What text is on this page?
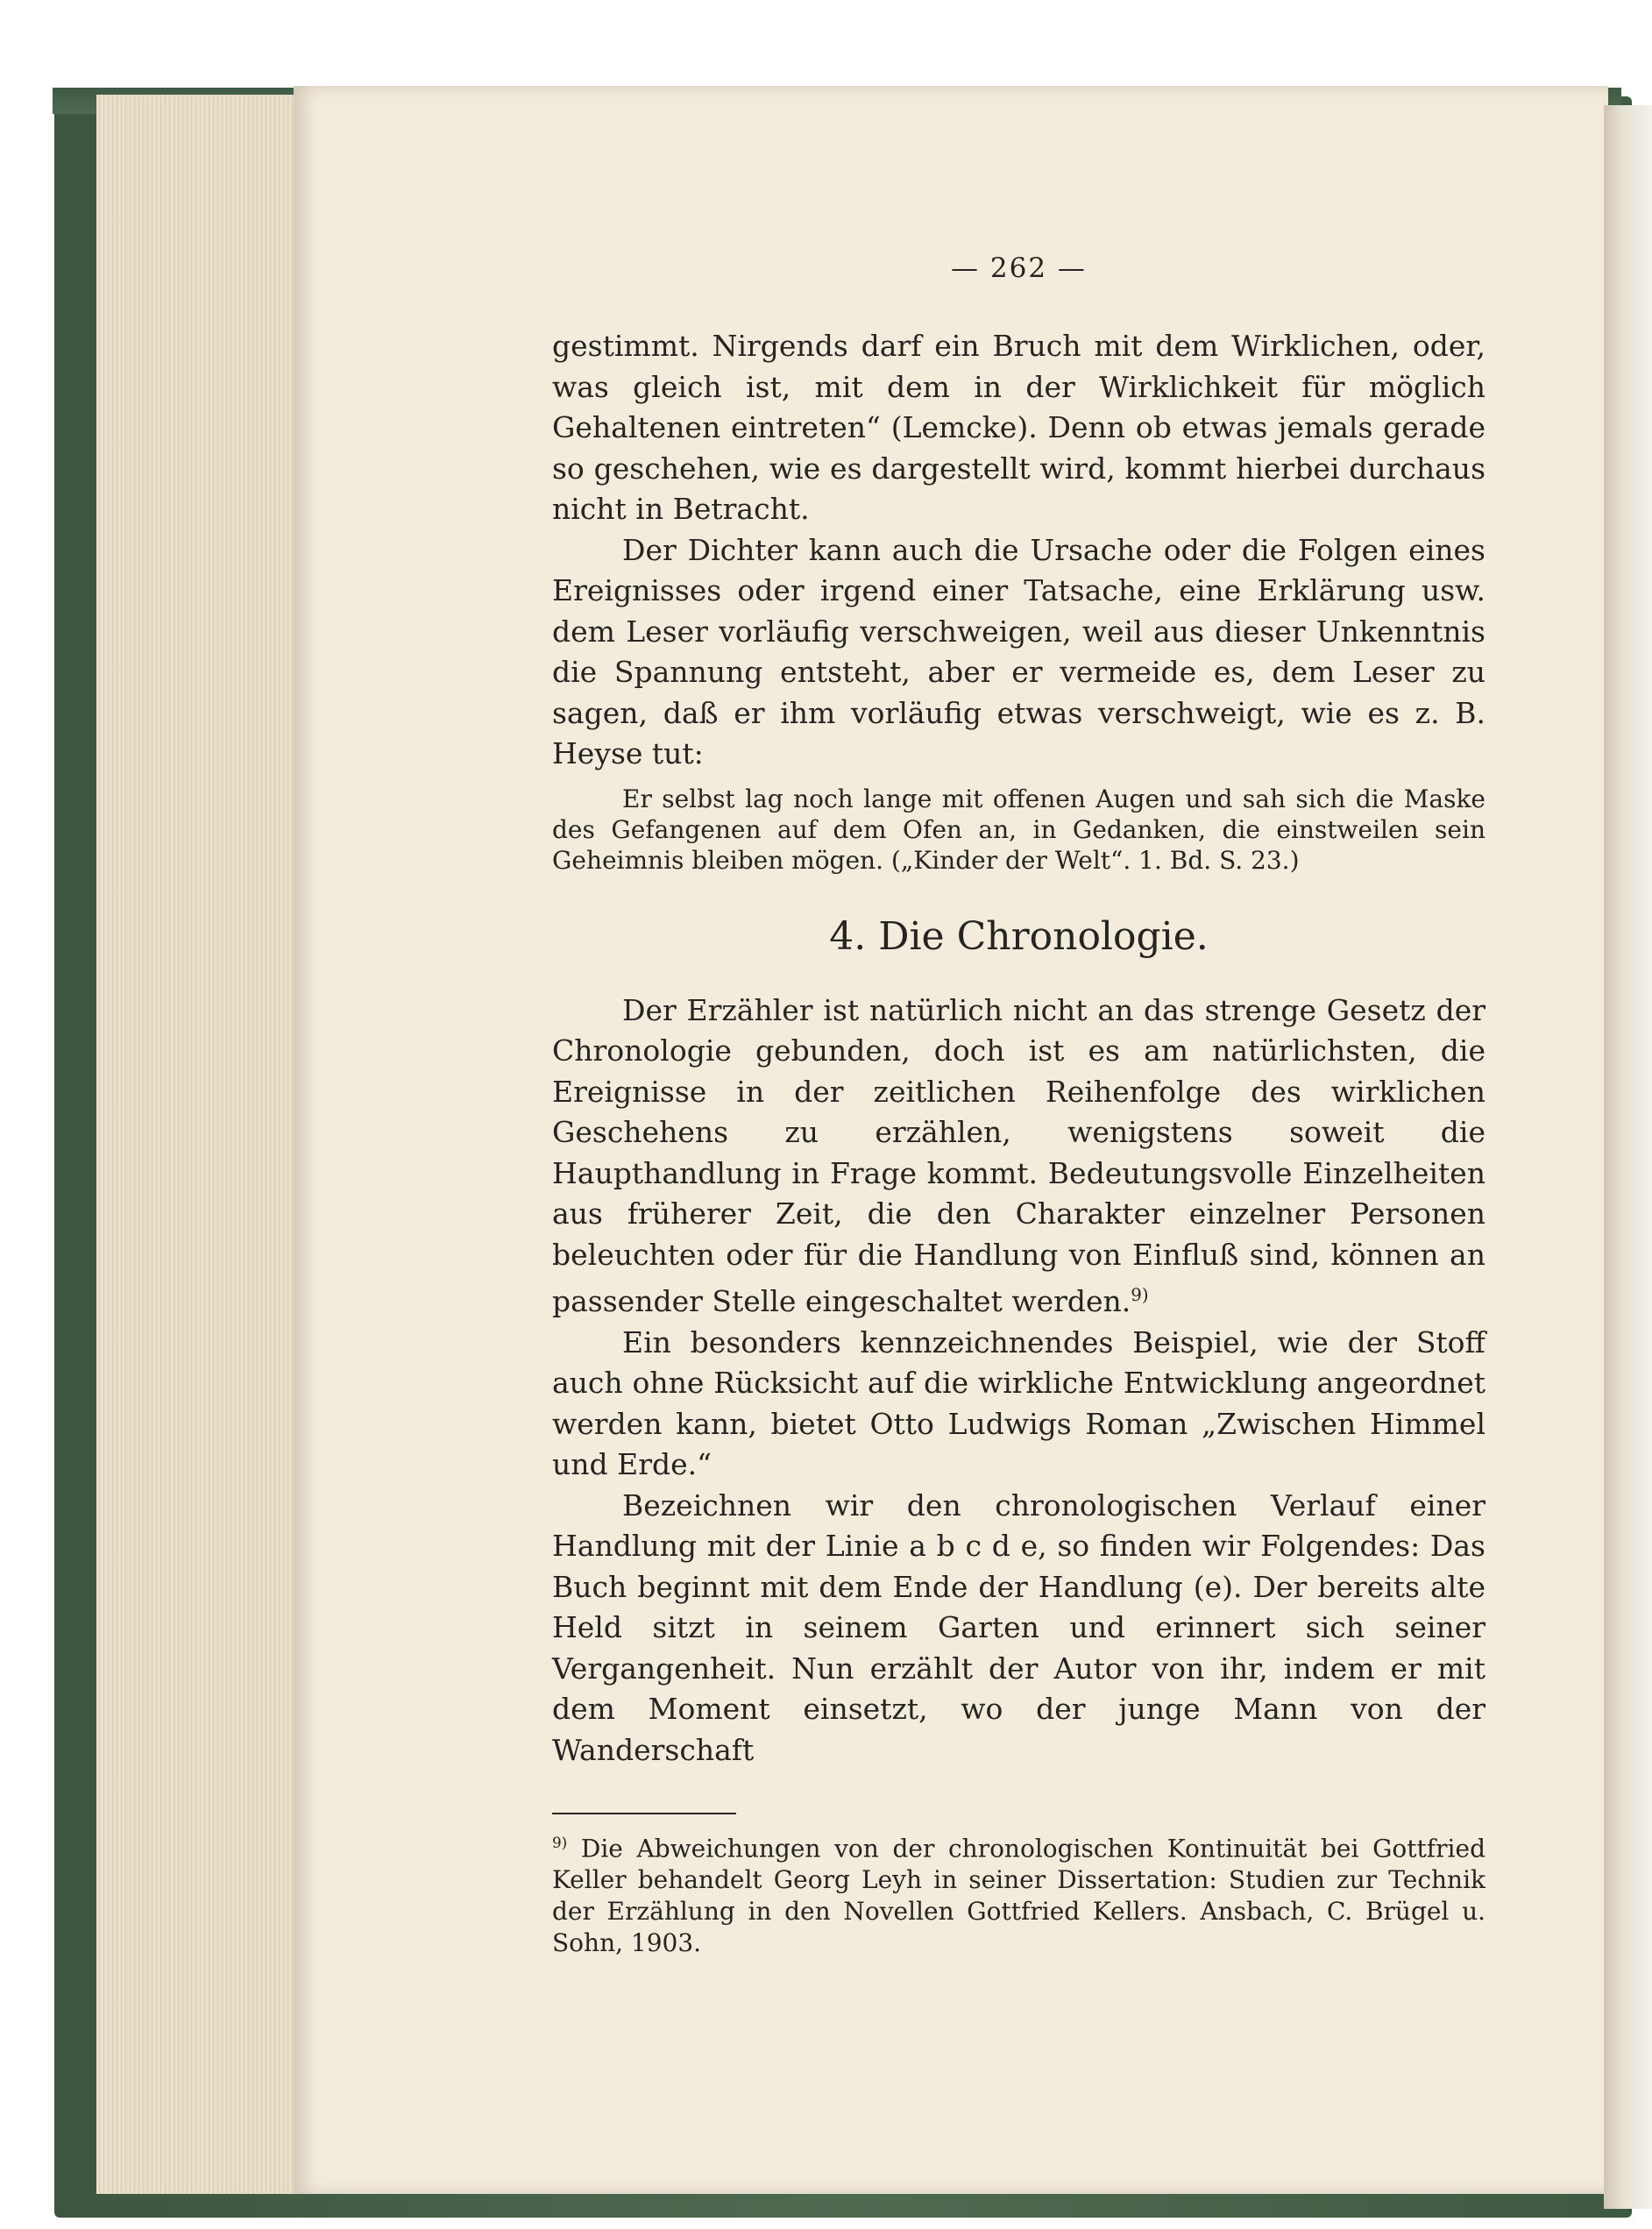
— 262 —

gestimmt. Nirgends darf ein Bruch mit dem Wirklichen, oder, was gleich ist, mit dem in der Wirklichkeit für möglich Gehaltenen eintreten“ (Lemcke). Denn ob etwas jemals gerade so geschehen, wie es dargestellt wird, kommt hierbei durchaus nicht in Betracht.

Der Dichter kann auch die Ursache oder die Folgen eines Ereignisses oder irgend einer Tatsache, eine Erklärung usw. dem Leser vorläufig verschweigen, weil aus dieser Unkenntnis die Spannung entsteht, aber er vermeide es, dem Leser zu sagen, daß er ihm vorläufig etwas verschweigt, wie es z. B. Heyse tut:

Er selbst lag noch lange mit offenen Augen und sah sich die Maske des Gefangenen auf dem Ofen an, in Gedanken, die einstweilen sein Geheimnis bleiben mögen. („Kinder der Welt“. 1. Bd. S. 23.)

4. Die Chronologie.

Der Erzähler ist natürlich nicht an das strenge Gesetz der Chronologie gebunden, doch ist es am natürlichsten, die Ereignisse in der zeitlichen Reihenfolge des wirklichen Geschehens zu erzählen, wenigstens soweit die Haupthandlung in Frage kommt. Bedeutungsvolle Einzelheiten aus früherer Zeit, die den Charakter einzelner Personen beleuchten oder für die Handlung von Einfluß sind, können an passender Stelle eingeschaltet werden.$^{9)}$

Ein besonders kennzeichnendes Beispiel, wie der Stoff auch ohne Rücksicht auf die wirkliche Entwicklung angeordnet werden kann, bietet Otto Ludwigs Roman „Zwischen Himmel und Erde.“

Bezeichnen wir den chronologischen Verlauf einer Handlung mit der Linie a b c d e, so finden wir Folgendes: Das Buch beginnt mit dem Ende der Handlung (e). Der bereits alte Held sitzt in seinem Garten und erinnert sich seiner Vergangenheit. Nun erzählt der Autor von ihr, indem er mit dem Moment einsetzt, wo der junge Mann von der Wanderschaft

$^{9)}$ Die Abweichungen von der chronologischen Kontinuität bei Gottfried Keller behandelt Georg Leyh in seiner Dissertation: Studien zur Technik der Erzählung in den Novellen Gottfried Kellers. Ansbach, C. Brügel u. Sohn, 1903.
